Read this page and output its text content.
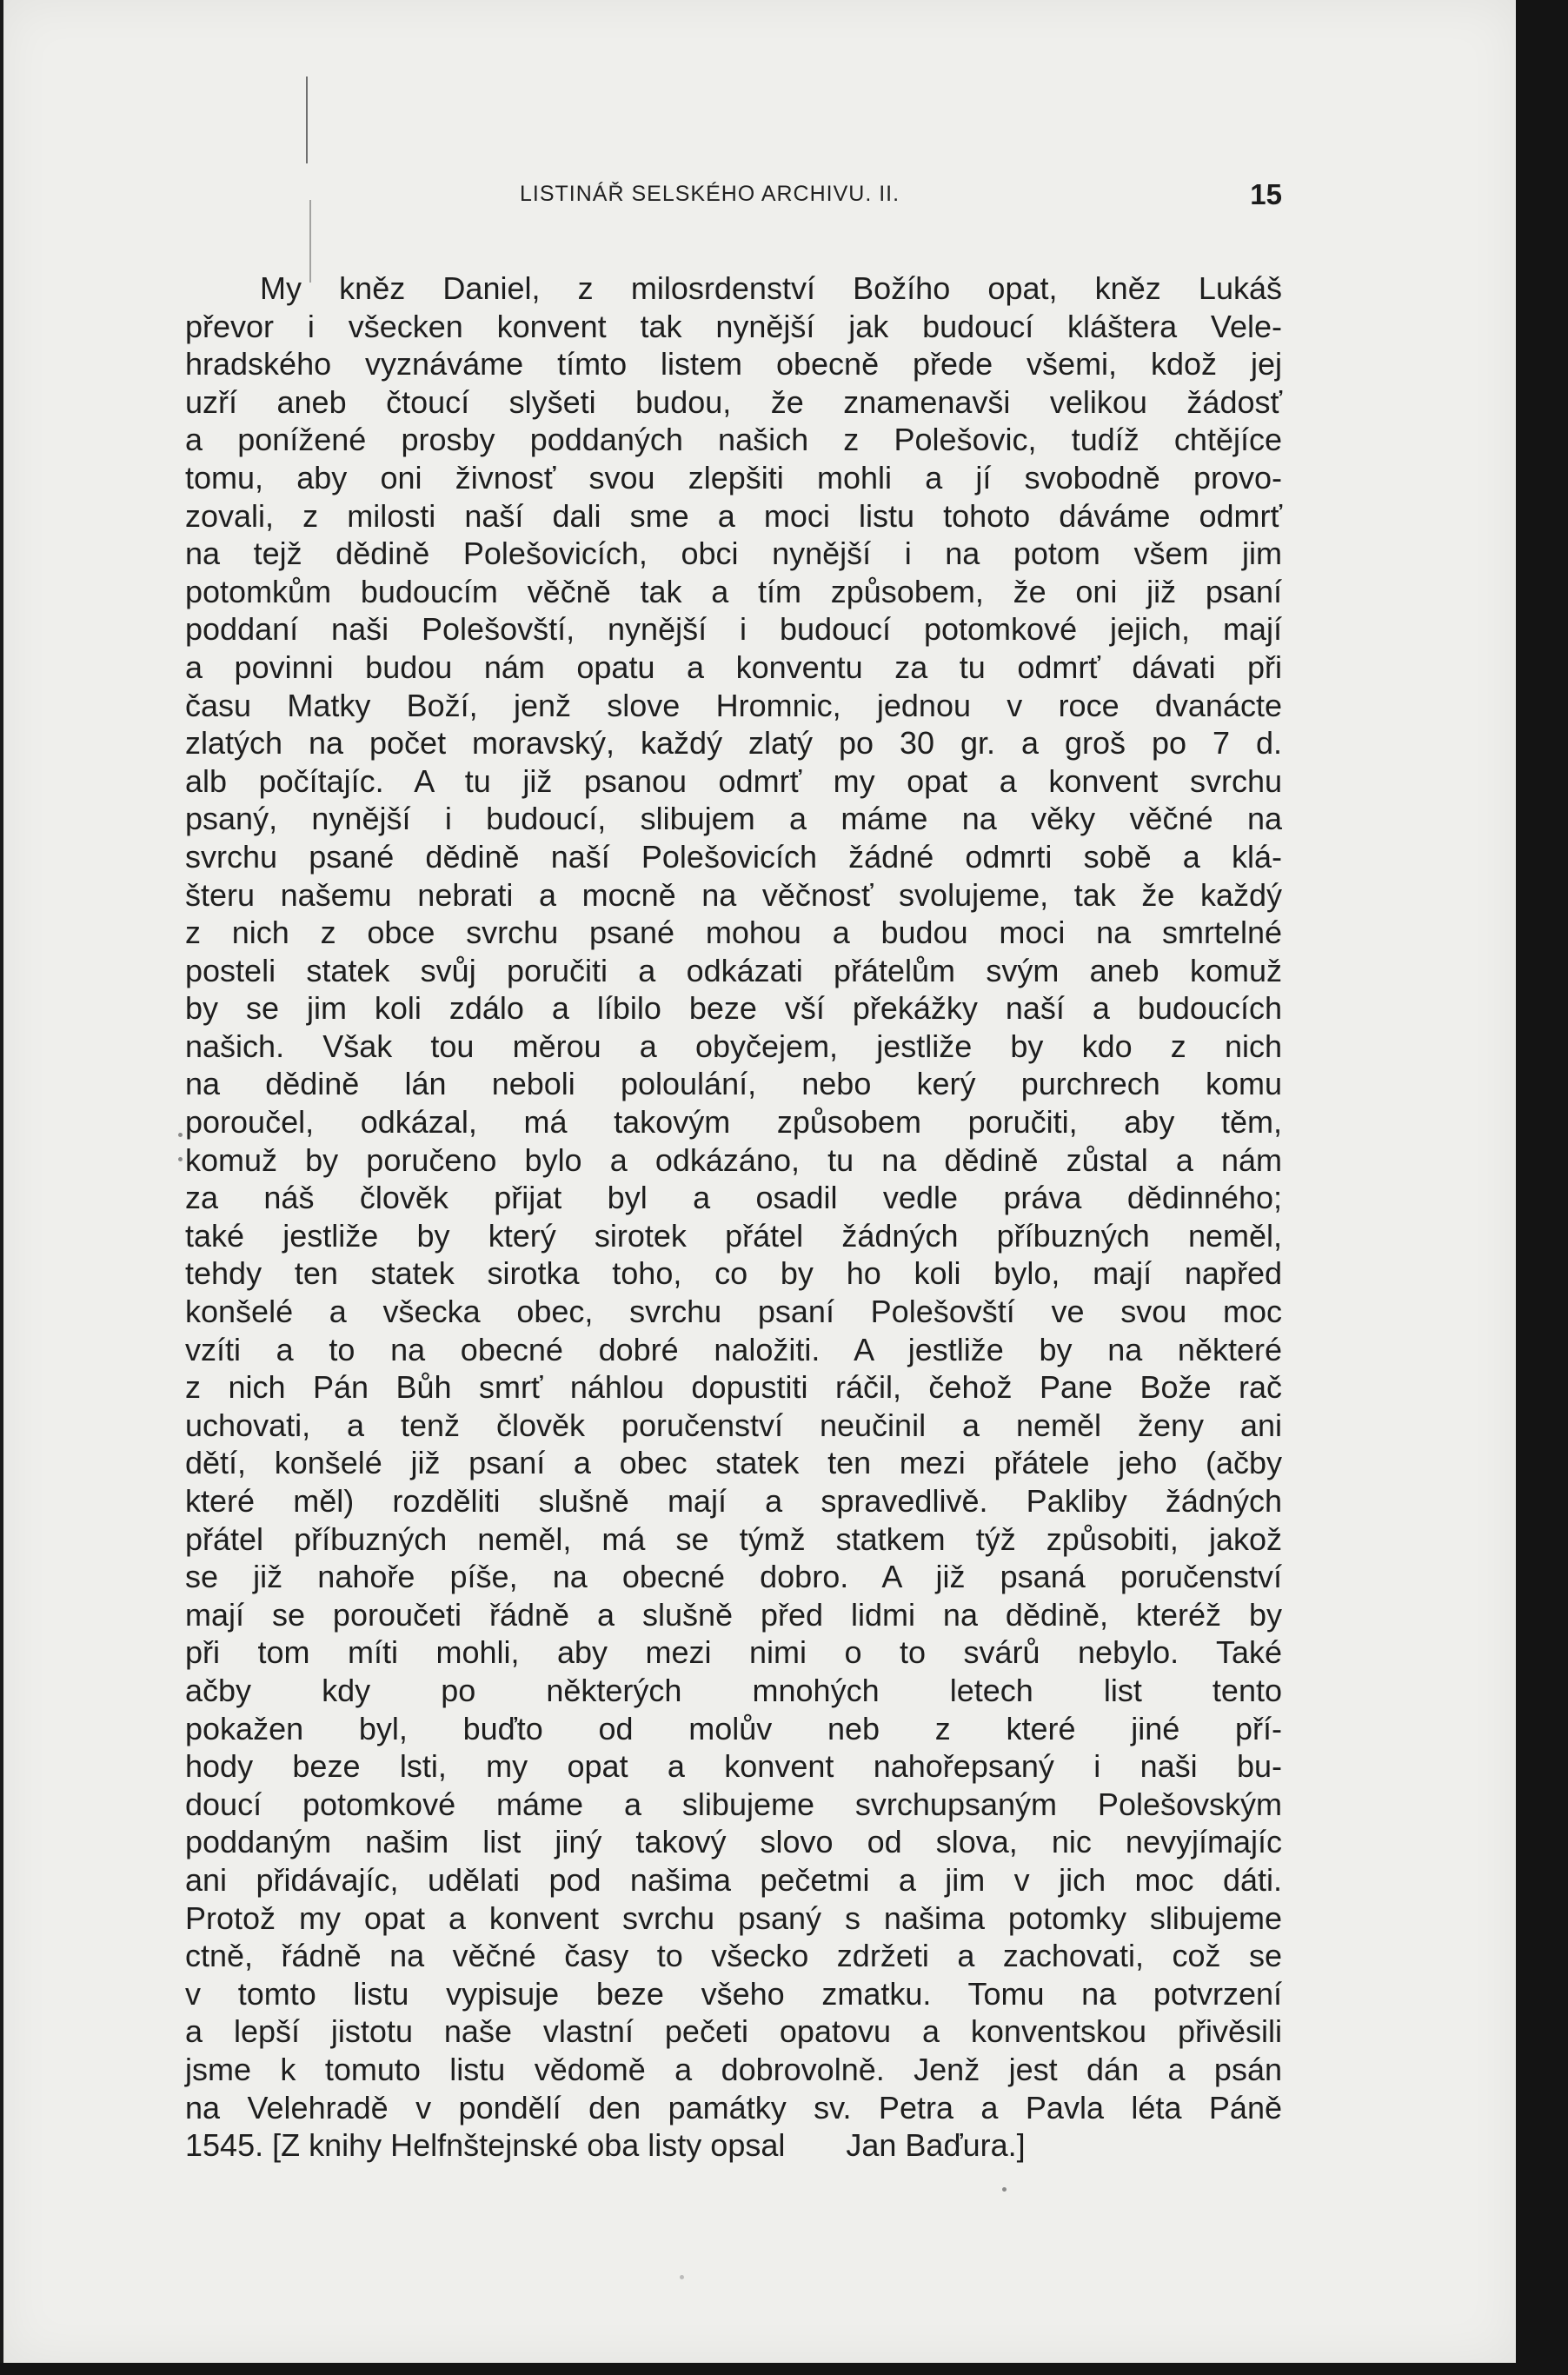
LISTINÁŘ SELSKÉHO ARCHIVU. II.	15
My kněz Daniel, z milosrdenství Božího opat, kněz Lukáš
převor i všecken konvent tak nynější jak budoucí kláštera Vele-
hradského vyznáváme tímto listem obecně přede všemi, kdož jej
uzří aneb čtoucí slyšeti budou, že znamenavši velikou žádosť
a ponížené prosby poddaných našich z Polešovic, tudíž chtějíce
tomu, aby oni živnosť svou zlepšiti mohli a jí svobodně provo-
zovali, z milosti naší dali sme a moci listu tohoto dáváme odmrť
na tejž dědině Polešovicích, obci nynější i na potom všem jim
potomkům budoucím věčně tak a tím způsobem, že oni již psaní
poddaní naši Polešovští, nynější i budoucí potomkové jejich, mají
a povinni budou nám opatu a konventu za tu odmrť dávati při
času Matky Boží, jenž slove Hromnic, jednou v roce dvanácte
zlatých na počet moravský, každý zlatý po 30 gr. a groš po 7 d.
alb počítajíc. A tu již psanou odmrť my opat a konvent svrchu
psaný, nynější i budoucí, slibujem a máme na věky věčné na
svrchu psané dědině naší Polešovicích žádné odmrti sobě a klá-
šteru našemu nebrati a mocně na věčnosť svolujeme, tak že každý
z nich z obce svrchu psané mohou a budou moci na smrtelné
posteli statek svůj poručiti a odkázati přátelům svým aneb komuž
by se jim koli zdálo a líbilo beze vší překážky naší a budoucích
našich. Však tou měrou a obyčejem, jestliže by kdo z nich
na dědině lán neboli poloulání, nebo kerý purchrech komu
poroučel, odkázal, má takovým způsobem poručiti, aby těm,
komuž by poručeno bylo a odkázáno, tu na dědině zůstal a nám
za náš člověk přijat byl a osadil vedle práva dědinného;
také jestliže by který sirotek přátel žádných příbuzných neměl,
tehdy ten statek sirotka toho, co by ho koli bylo, mají napřed
konšelé a všecka obec, svrchu psaní Polešovští ve svou moc
vzíti a to na obecné dobré naložiti. A jestliže by na některé
z nich Pán Bůh smrť náhlou dopustiti ráčil, čehož Pane Bože rač
uchovati, a tenž člověk poručenství neučinil a neměl ženy ani
dětí, konšelé již psaní a obec statek ten mezi přátele jeho (ačby
které měl) rozděliti slušně mají a spravedlivě. Pakliby žádných
přátel příbuzných neměl, má se týmž statkem týž způsobiti, jakož
se již nahoře píše, na obecné dobro. A již psaná poručenství
mají se poroučeti řádně a slušně před lidmi na dědině, kteréž by
při tom míti mohli, aby mezi nimi o to svárů nebylo. Také
ačby kdy po některých mnohých letech list tento
pokažen byl, buďto od molův neb z které jiné pří-
hody beze lsti, my opat a konvent nahořepsaný i naši bu-
doucí potomkové máme a slibujeme svrchupsaným Polešovským
poddaným našim list jiný takový slovo od slova, nic nevyjímajíc
ani přidávajíc, udělati pod našima pečetmi a jim v jich moc dáti.
Protož my opat a konvent svrchu psaný s našima potomky slibujeme
ctně, řádně na věčné časy to všecko zdržeti a zachovati, což se
v tomto listu vypisuje beze všeho zmatku. Tomu na potvrzení
a lepší jistotu naše vlastní pečeti opatovu a konventskou přivěsili
jsme k tomuto listu vědomě a dobrovolně. Jenž jest dán a psán
na Velehradě v pondělí den památky sv. Petra a Pavla léta Páně
1545. [Z knihy Helfnštejnské oba listy opsal Jan Baďura.]
